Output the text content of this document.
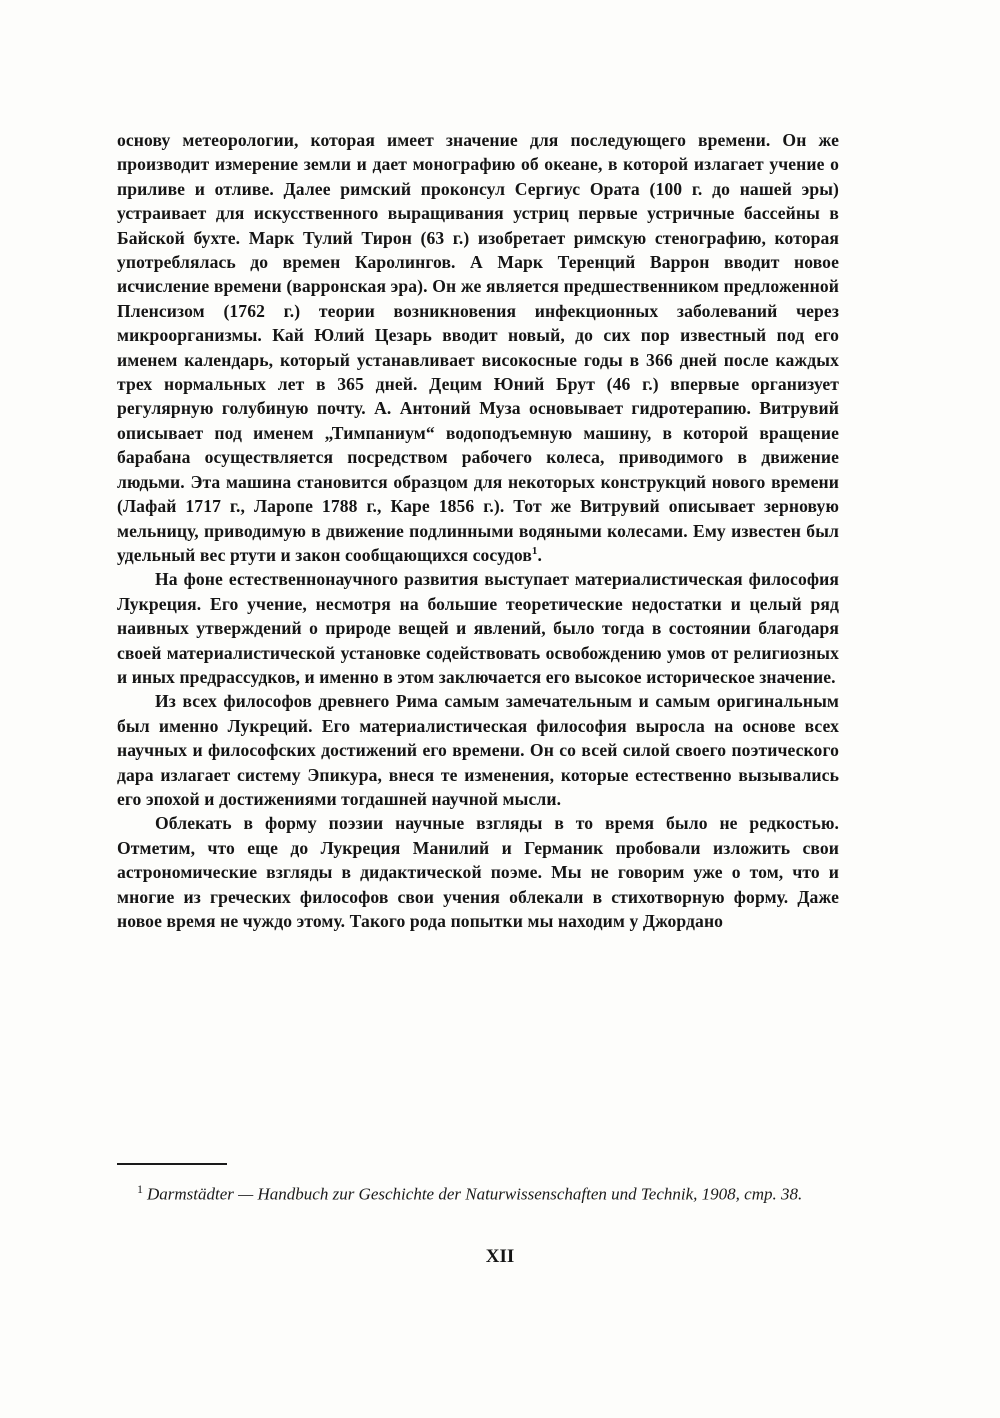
основу метеорологии, которая имеет значение для последующего времени. Он же производит измерение земли и дает монографию об океане, в которой излагает учение о приливе и отливе. Далее римский проконсул Сергиус Ората (100 г. до нашей эры) устраивает для искусственного выращивания устриц первые устричные бассейны в Байской бухте. Марк Тулий Тирон (63 г.) изобретает римскую стенографию, которая употреблялась до времен Каролингов. А Марк Теренций Варрон вводит новое исчисление времени (варронская эра). Он же является предшественником предложенной Пленсизом (1762 г.) теории возникновения инфекционных заболеваний через микроорганизмы. Кай Юлий Цезарь вводит новый, до сих пор известный под его именем календарь, который устанавливает високосные годы в 366 дней после каждых трех нормальных лет в 365 дней. Децим Юний Брут (46 г.) впервые организует регулярную голубиную почту. А. Антоний Муза основывает гидротерапию. Витрувий описывает под именем „Тимпаниум“ водоподъемную машину, в которой вращение барабана осуществляется посредством рабочего колеса, приводимого в движение людьми. Эта машина становится образцом для некоторых конструкций нового времени (Лафай 1717 г., Ларопе 1788 г., Каре 1856 г.). Тот же Витрувий описывает зерновую мельницу, приводимую в движение подлинными водяными колесами. Ему известен был удельный вес ртути и закон сообщающихся сосудов$^1$.

На фоне естественнонаучного развития выступает материалистическая философия Лукреция. Его учение, несмотря на большие теоретические недостатки и целый ряд наивных утверждений о природе вещей и явлений, было тогда в состоянии благодаря своей материалистической установке содействовать освобождению умов от религиозных и иных предрассудков, и именно в этом заключается его высокое историческое значение.

Из всех философов древнего Рима самым замечательным и самым оригинальным был именно Лукреций. Его материалистическая философия выросла на основе всех научных и философских достижений его времени. Он со всей силой своего поэтического дара излагает систему Эпикура, внеся те изменения, которые естественно вызывались его эпохой и достижениями тогдашней научной мысли.

Облекать в форму поэзии научные взгляды в то время было не редкостью. Отметим, что еще до Лукреция Манилий и Германик пробовали изложить свои астрономические взгляды в дидактической поэме. Мы не говорим уже о том, что и многие из греческих философов свои учения облекали в стихотворную форму. Даже новое время не чуждо этому. Такого рода попытки мы находим у Джордано

$^1$ Darmstädter — Handbuch zur Geschichte der Naturwissenschaften und Technik, 1908, стр. 38.
XII
